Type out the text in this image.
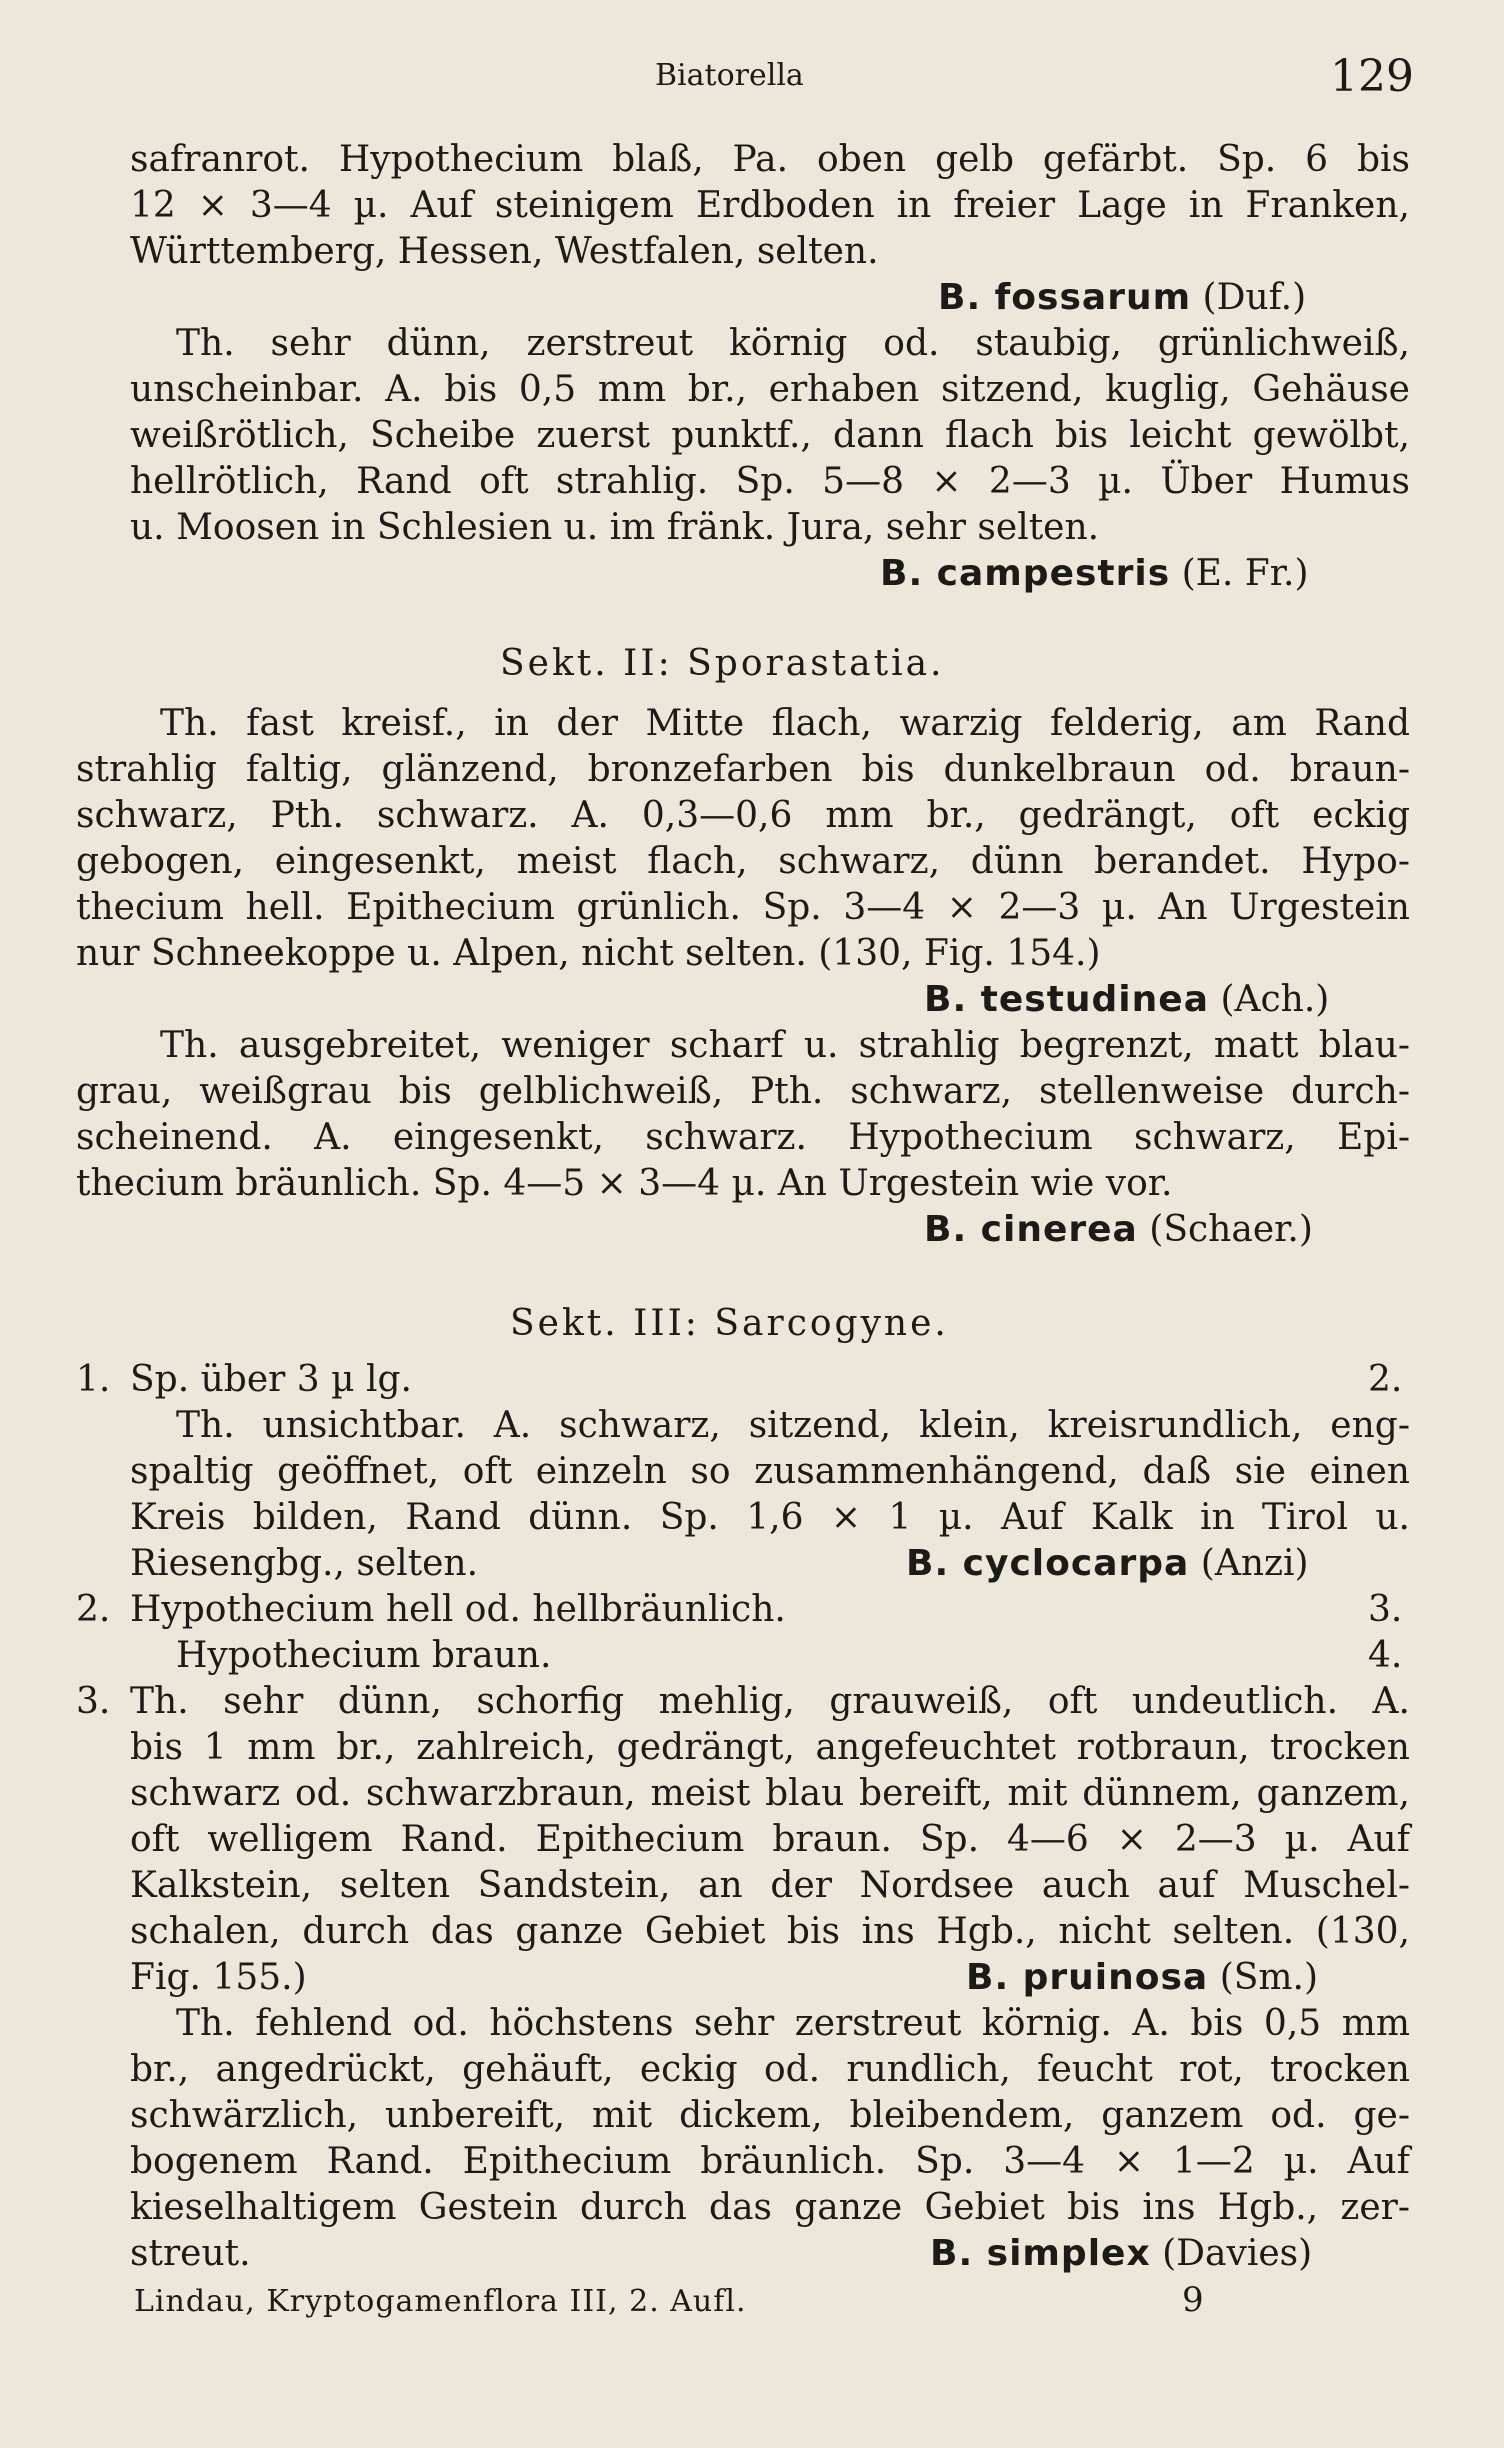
Biatorella	129
safranrot. Hypothecium blaß, Pa. oben gelb gefärbt. Sp. 6 bis
12 × 3—4 µ. Auf steinigem Erdboden in freier Lage in Franken,
Württemberg, Hessen, Westfalen, selten.
B. fossarum (Duf.)
Th. sehr dünn, zerstreut körnig od. staubig, grünlichweiß,
unscheinbar. A. bis 0,5 mm br., erhaben sitzend, kuglig, Gehäuse
weißrötlich, Scheibe zuerst punktf., dann flach bis leicht gewölbt,
hellrötlich, Rand oft strahlig. Sp. 5—8 × 2—3 µ. Über Humus
u. Moosen in Schlesien u. im fränk. Jura, sehr selten.
B. campestris (E. Fr.)
Sekt. II: Sporastatia.
Th. fast kreisf., in der Mitte flach, warzig felderig, am Rand
strahlig faltig, glänzend, bronzefarben bis dunkelbraun od. braun-
schwarz, Pth. schwarz. A. 0,3—0,6 mm br., gedrängt, oft eckig
gebogen, eingesenkt, meist flach, schwarz, dünn berandet. Hypo-
thecium hell. Epithecium grünlich. Sp. 3—4 × 2—3 µ. An Urgestein
nur Schneekoppe u. Alpen, nicht selten. (130, Fig. 154.)
B. testudinea (Ach.)
Th. ausgebreitet, weniger scharf u. strahlig begrenzt, matt blau-
grau, weißgrau bis gelblichweiß, Pth. schwarz, stellenweise durch-
scheinend. A. eingesenkt, schwarz. Hypothecium schwarz, Epi-
thecium bräunlich. Sp. 4—5 × 3—4 µ. An Urgestein wie vor.
B. cinerea (Schaer.)
Sekt. III: Sarcogyne.
1. Sp. über 3 µ lg.	2.
Th. unsichtbar. A. schwarz, sitzend, klein, kreisrundlich, eng-
spaltig geöffnet, oft einzeln so zusammenhängend, daß sie einen
Kreis bilden, Rand dünn. Sp. 1,6 × 1 µ. Auf Kalk in Tirol u.
Riesengbg., selten.	B. cyclocarpa (Anzi)
2. Hypothecium hell od. hellbräunlich.	3.
Hypothecium braun.	4.
3. Th. sehr dünn, schorfig mehlig, grauweiß, oft undeutlich. A.
bis 1 mm br., zahlreich, gedrängt, angefeuchtet rotbraun, trocken
schwarz od. schwarzbraun, meist blau bereift, mit dünnem, ganzem,
oft welligem Rand. Epithecium braun. Sp. 4—6 × 2—3 µ. Auf
Kalkstein, selten Sandstein, an der Nordsee auch auf Muschel-
schalen, durch das ganze Gebiet bis ins Hgb., nicht selten. (130,
Fig. 155.)	B. pruinosa (Sm.)
Th. fehlend od. höchstens sehr zerstreut körnig. A. bis 0,5 mm
br., angedrückt, gehäuft, eckig od. rundlich, feucht rot, trocken
schwärzlich, unbereift, mit dickem, bleibendem, ganzem od. ge-
bogenem Rand. Epithecium bräunlich. Sp. 3—4 × 1—2 µ. Auf
kieselhaltigem Gestein durch das ganze Gebiet bis ins Hgb., zer-
streut.	B. simplex (Davies)
Lindau, Kryptogamenflora III, 2. Aufl.	9
